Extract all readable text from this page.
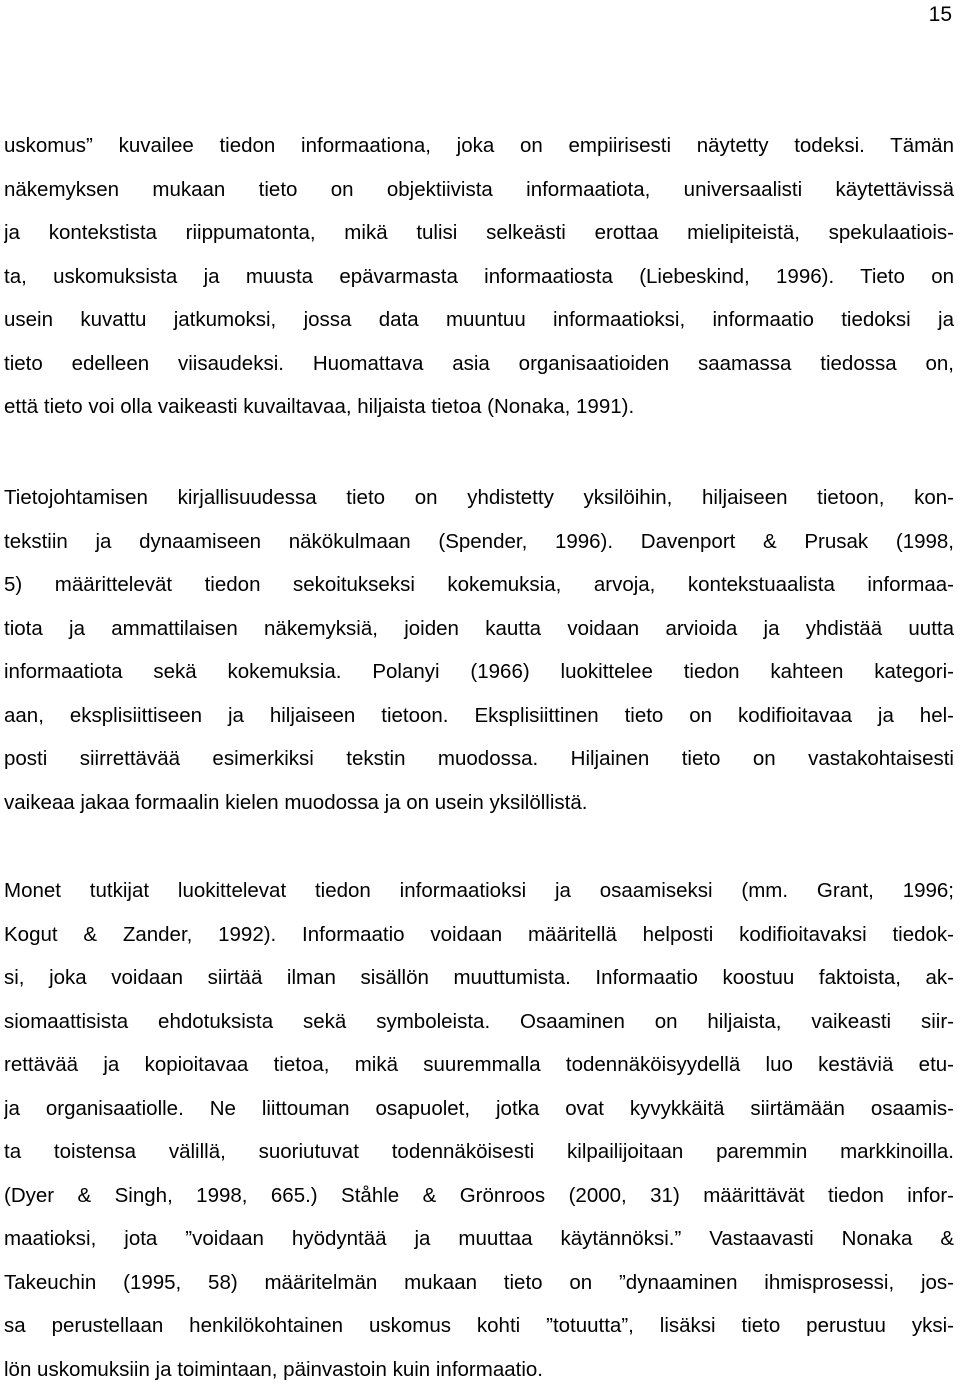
15
uskomus” kuvailee tiedon informaationa, joka on empiirisesti näytetty todeksi. Tämän
näkemyksen mukaan tieto on objektiivista informaatiota, universaalisti käytettävissä
ja kontekstista riippumatonta, mikä tulisi selkeästi erottaa mielipiteistä, spekulaatiois-
ta, uskomuksista ja muusta epävarmasta informaatiosta (Liebeskind, 1996). Tieto on
usein kuvattu jatkumoksi, jossa data muuntuu informaatioksi, informaatio tiedoksi ja
tieto edelleen viisaudeksi. Huomattava asia organisaatioiden saamassa tiedossa on,
että tieto voi olla vaikeasti kuvailtavaa, hiljaista tietoa (Nonaka, 1991).
Tietojohtamisen kirjallisuudessa tieto on yhdistetty yksilöihin, hiljaiseen tietoon, kon-
tekstiin ja dynaamiseen näkökulmaan (Spender, 1996). Davenport & Prusak (1998,
5) määrittelevät tiedon sekoitukseksi kokemuksia, arvoja, kontekstuaalista informaa-
tiota ja ammattilaisen näkemyksiä, joiden kautta voidaan arvioida ja yhdistää uutta
informaatiota sekä kokemuksia. Polanyi (1966) luokittelee tiedon kahteen kategori-
aan, eksplisiittiseen ja hiljaiseen tietoon. Eksplisiittinen tieto on kodifioitavaa ja hel-
posti siirrettävää esimerkiksi tekstin muodossa. Hiljainen tieto on vastakohtaisesti
vaikeaa jakaa formaalin kielen muodossa ja on usein yksilöllistä.
Monet tutkijat luokittelevat tiedon informaatioksi ja osaamiseksi (mm. Grant, 1996;
Kogut & Zander, 1992). Informaatio voidaan määritellä helposti kodifioitavaksi tiedok-
si, joka voidaan siirtää ilman sisällön muuttumista. Informaatio koostuu faktoista, ak-
siomaattisista ehdotuksista sekä symboleista. Osaaminen on hiljaista, vaikeasti siir-
rettävää ja kopioitavaa tietoa, mikä suuremmalla todennäköisyydellä luo kestäviä etu-
ja organisaatiolle. Ne liittouman osapuolet, jotka ovat kyvykkäitä siirtämään osaamis-
ta toistensa välillä, suoriutuvat todennäköisesti kilpailijoitaan paremmin markkinoilla.
(Dyer & Singh, 1998, 665.) Ståhle & Grönroos (2000, 31) määrittävät tiedon infor-
maatioksi, jota ”voidaan hyödyntää ja muuttaa käytännöksi.” Vastaavasti Nonaka &
Takeuchin (1995, 58) määritelmän mukaan tieto on ”dynaaminen ihmisprosessi, jos-
sa perustellaan henkilökohtainen uskomus kohti ”totuutta”, lisäksi tieto perustuu yksi-
lön uskomuksiin ja toimintaan, päinvastoin kuin informaatio.
